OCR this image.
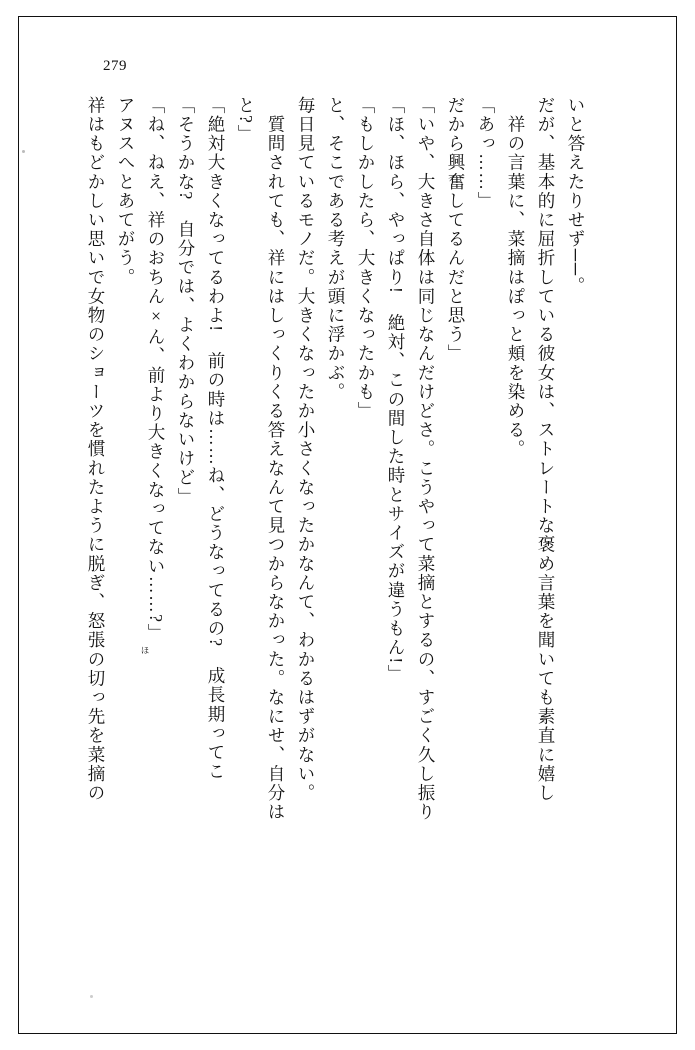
279
祥はもどかしい思いで女物のショーツを慣れたように脱ぎ、怒張の切っ先を菜摘の アヌスへとあてがう。 「ね、ねえ、祥のおちん×ん、前より大きくなってない……?」 「そうかな?　自分では、よくわからないけど」 「絶対大きくなってるわよ!　前の時は……ね、どうなってるの?　成長期ってこ と?」 　質問されても、祥にはしっくりくる答えなんて見つからなかった。なにせ、自分は 毎日見ているモノだ。大きくなったか小さくなったかなんて、わかるはずがない。 と、そこである考えが頭に浮かぶ。 「もしかしたら、大きくなったかも」 「ほ、ほら、やっぱり!　絶対、この間した時とサイズが違うもん!」 「いや、大きさ自体は同じなんだけどさ。こうやって菜摘とするの、すごく久し振り だから興奮してるんだと思う」 「あっ……」 　祥の言葉に、菜摘はぽっと頬を染める。 だが、基本的に屈折している彼女は、ストレートな褒め言葉を聞いても素直に嬉し いと答えたりせず──。
ほ
